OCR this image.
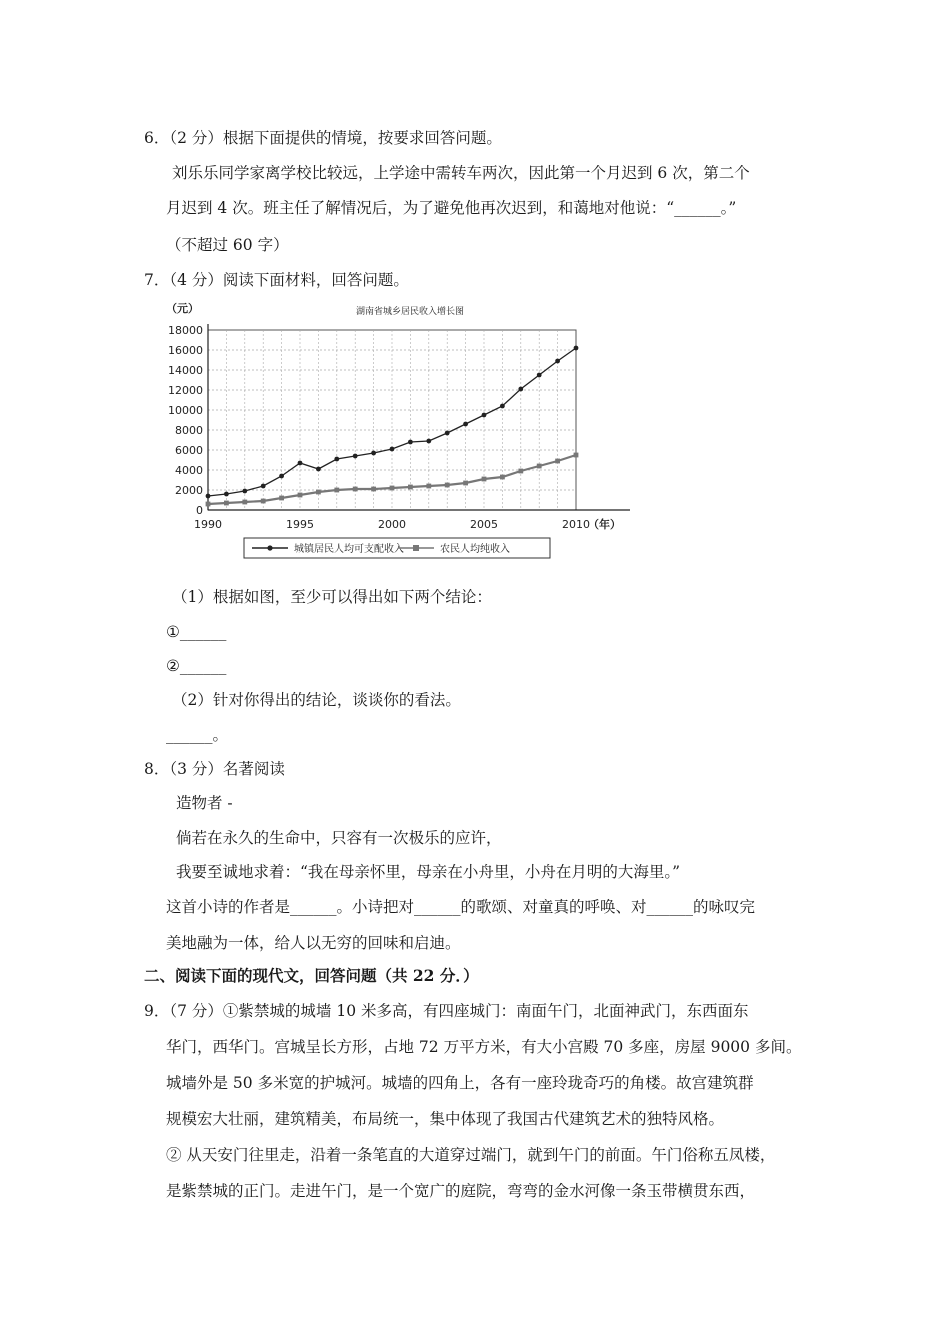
6．（2 分）根据下面提供的情境，按要求回答问题。
刘乐乐同学家离学校比较远，上学途中需转车两次，因此第一个月迟到 6 次，第二个
月迟到 4 次。班主任了解情况后，为了避免他再次迟到，和蔼地对他说：“______。”
（不超过 60 字）
7．（4 分）阅读下面材料，回答问题。
湖南省城乡居民收入增长图
（元）
18000
16000
14000
12000
10000
8000
6000
4000
2000
0
1990	1995	2000	2005	2010
（年）
城镇居民人均可支配收入	农民人均纯收入
（1）根据如图，至少可以得出如下两个结论：
①______
②______
（2）针对你得出的结论，谈谈你的看法。
______。
8．（3 分）名著阅读
造物者 -
倘若在永久的生命中，只容有一次极乐的应许，
我要至诚地求着：“我在母亲怀里，母亲在小舟里，小舟在月明的大海里。”
这首小诗的作者是______。小诗把对______的歌颂、对童真的呼唤、对______的咏叹完
美地融为一体，给人以无穷的回味和启迪。
二、阅读下面的现代文，回答问题（共 22 分．）
9．（7 分）①紫禁城的城墙 10 米多高，有四座城门：南面午门，北面神武门，东西面东
华门，西华门。宫城呈长方形，占地 72 万平方米，有大小宫殿 70 多座，房屋 9000 多间。
城墙外是 50 多米宽的护城河。城墙的四角上，各有一座玲珑奇巧的角楼。故宫建筑群
规模宏大壮丽，建筑精美，布局统一，集中体现了我国古代建筑艺术的独特风格。
② 从天安门往里走，沿着一条笔直的大道穿过端门，就到午门的前面。午门俗称五凤楼，
是紫禁城的正门。走进午门，是一个宽广的庭院，弯弯的金水河像一条玉带横贯东西，
